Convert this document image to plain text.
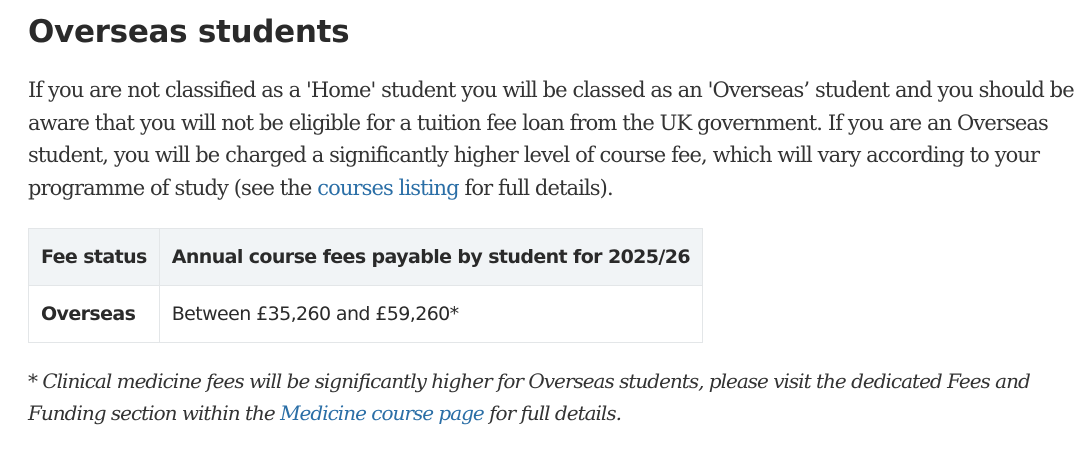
Overseas students
If you are not classified as a 'Home' student you will be classed as an 'Overseas’ student and you should be
aware that you will not be eligible for a tuition fee loan from the UK government. If you are an Overseas
student, you will be charged a significantly higher level of course fee, which will vary according to your
programme of study (see the courses listing for full details).
Fee status	Annual course fees payable by student for 2025/26
Overseas	Between £35,260 and £59,260*
* Clinical medicine fees will be significantly higher for Overseas students, please visit the dedicated Fees and
Funding section within the Medicine course page for full details.
